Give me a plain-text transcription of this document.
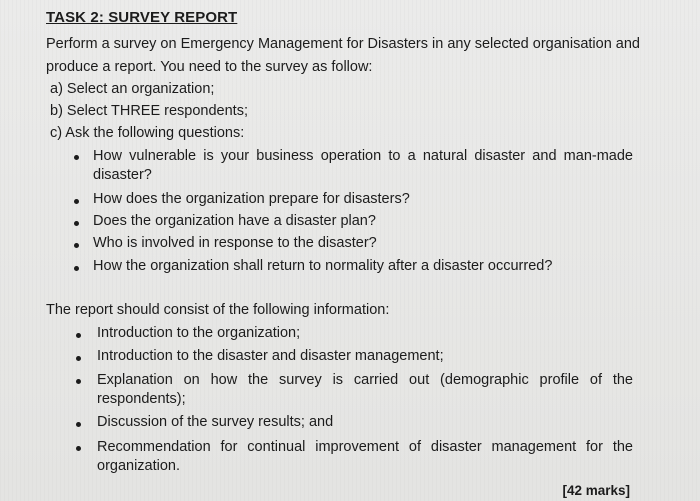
TASK 2: SURVEY REPORT
Perform a survey on Emergency Management for Disasters in any selected organisation and
produce a report. You need to the survey as follow:
a) Select an organization;
b) Select THREE respondents;
c) Ask the following questions:
How vulnerable is your business operation to a natural disaster and man-made disaster?
How does the organization prepare for disasters?
Does the organization have a disaster plan?
Who is involved in response to the disaster?
How the organization shall return to normality after a disaster occurred?
The report should consist of the following information:
Introduction to the organization;
Introduction to the disaster and disaster management;
Explanation on how the survey is carried out (demographic profile of the respondents);
Discussion of the survey results; and
Recommendation for continual improvement of disaster management for the organization.
[42 marks]
